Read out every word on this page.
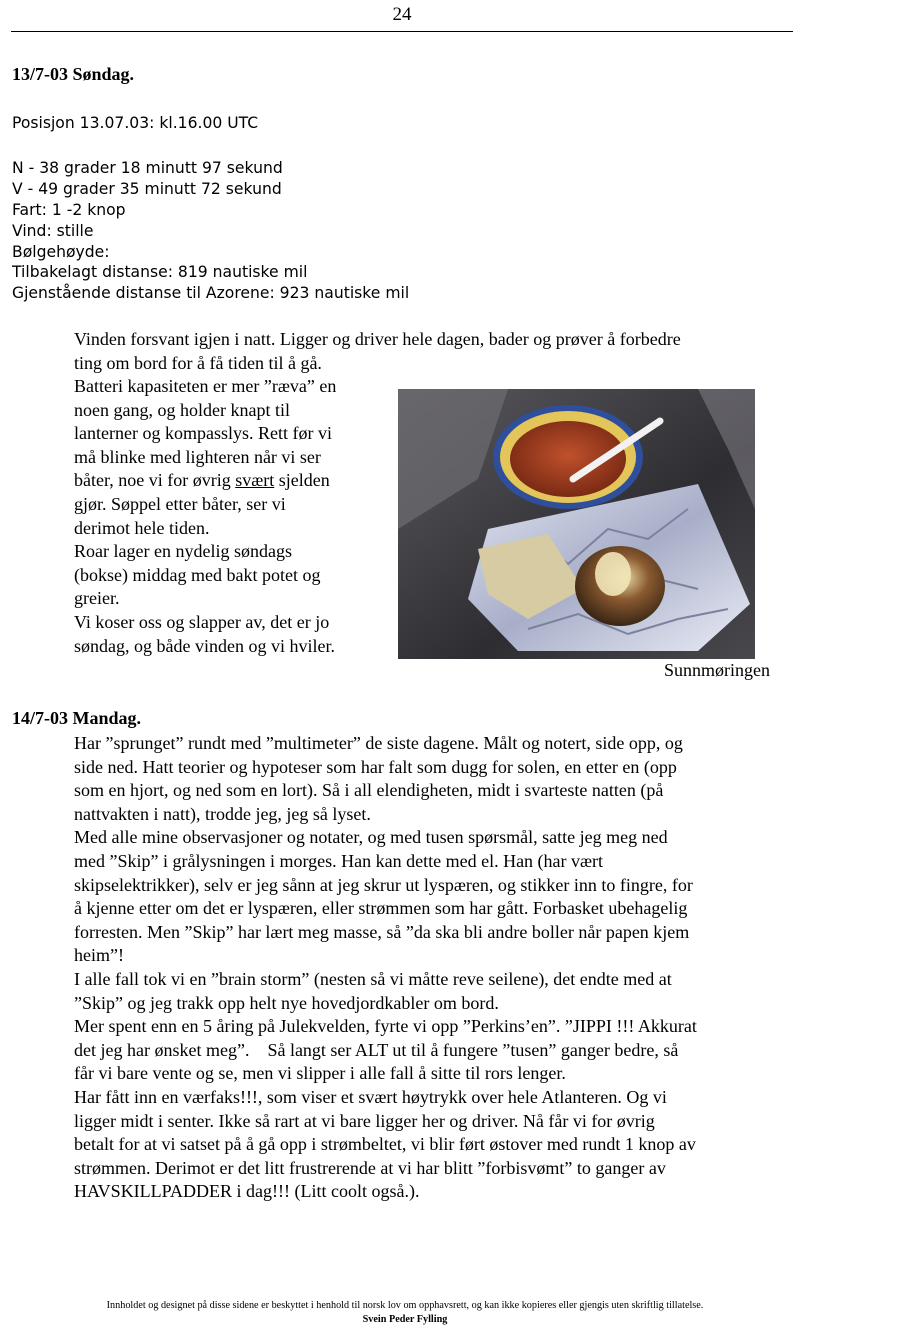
24
13/7-03 Søndag.

Posisjon 13.07.03: kl.16.00 UTC

N - 38 grader 18 minutt 97 sekund

V - 49 grader 35 minutt 72 sekund

Fart: 1 -2 knop

Vind: stille

Bølgehøyde:

Tilbakelagt distanse: 819 nautiske mil

Gjenstående distanse til Azorene: 923 nautiske mil

Vinden forsvant igjen i natt. Ligger og driver hele dagen, bader og prøver å forbedre
ting om bord for å få tiden til å gå.
Batteri kapasiteten er mer ”ræva” en
noen gang, og holder knapt til
lanterner og kompasslys. Rett før vi
må blinke med lighteren når vi ser
båter, noe vi for øvrig svært sjelden
gjør. Søppel etter båter, ser vi
derimot hele tiden.
Roar lager en nydelig søndags
(bokse) middag med bakt potet og
greier.
Vi koser oss og slapper av, det er jo
søndag, og både vinden og vi hviler.
Sunnmøringen
14/7-03 Mandag.
Har ”sprunget” rundt med ”multimeter” de siste dagene. Målt og notert, side opp, og
side ned. Hatt teorier og hypoteser som har falt som dugg for solen, en etter en (opp
som en hjort, og ned som en lort). Så i all elendigheten, midt i svarteste natten (på
nattvakten i natt), trodde jeg, jeg så lyset.
Med alle mine observasjoner og notater, og med tusen spørsmål, satte jeg meg ned
med ”Skip” i grålysningen i morges. Han kan dette med el. Han (har vært
skipselektrikker), selv er jeg sånn at jeg skrur ut lyspæren, og stikker inn to fingre, for
å kjenne etter om det er lyspæren, eller strømmen som har gått. Forbasket ubehagelig
forresten. Men ”Skip” har lært meg masse, så ”da ska bli andre boller når papen kjem
heim”!
I alle fall tok vi en ”brain storm” (nesten så vi måtte reve seilene), det endte med at
”Skip” og jeg trakk opp helt nye hovedjordkabler om bord.
Mer spent enn en 5 åring på Julekvelden, fyrte vi opp ”Perkins’en”. ”JIPPI !!! Akkurat
det jeg har ønsket meg”.    Så langt ser ALT ut til å fungere ”tusen” ganger bedre, så
får vi bare vente og se, men vi slipper i alle fall å sitte til rors lenger.
Har fått inn en værfaks!!!, som viser et svært høytrykk over hele Atlanteren. Og vi
ligger midt i senter. Ikke så rart at vi bare ligger her og driver. Nå får vi for øvrig
betalt for at vi satset på å gå opp i strømbeltet, vi blir ført østover med rundt 1 knop av
strømmen. Derimot er det litt frustrerende at vi har blitt ”forbisvømt” to ganger av
HAVSKILLPADDER i dag!!! (Litt coolt også.).
Innholdet og designet på disse sidene er beskyttet i henhold til norsk lov om opphavsrett, og kan ikke kopieres eller gjengis uten skriftlig tillatelse.
Svein Peder Fylling
